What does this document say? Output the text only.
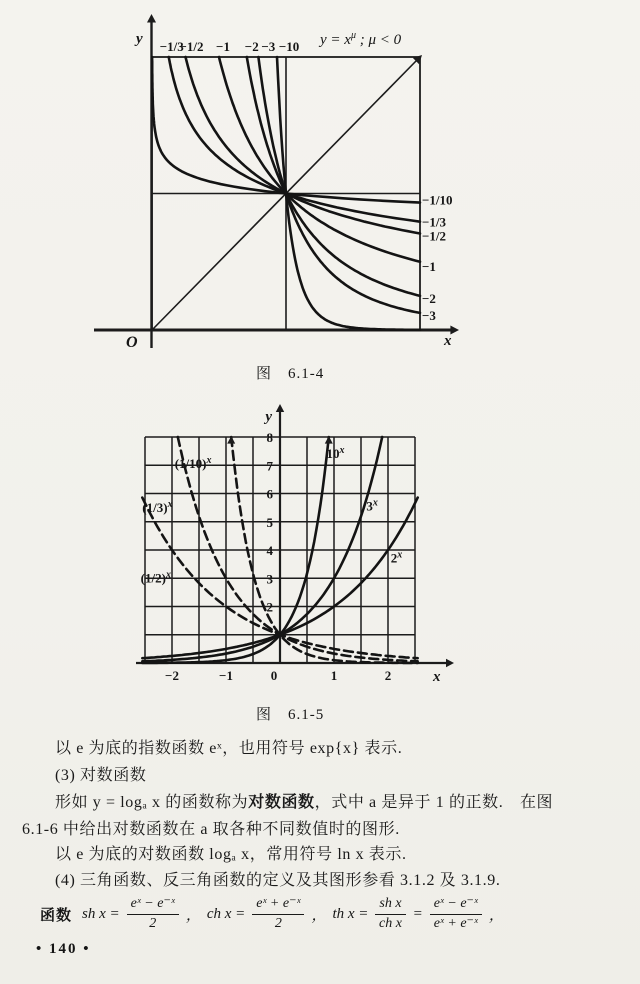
−1/3
−1/2 −1 −2 −3 −10
−1/10
−1/3
−1/2
−1
−2
−3
$y = x^\mu$ ; μ < 0
y
x
O
图　6.1-4
10$^x$
3$^x$
2$^x$
$(1/10)^x$
$(1/3)^x$
$(1/2)^x$
2
3
4
5
6
7
8
−2	−1	0	1	2
y
x
图　6.1-5

以 e 为底的指数函数 eˣ，也用符号 exp{x} 表示.

(3) 对数函数

形如 y = logₐ x 的函数称为对数函数，式中 a 是异于 1 的正数.　在图

6.1-6 中给出对数函数在 a 取各种不同数值时的图形.

以 e 为底的对数函数 logₐ x，常用符号 ln x 表示.

(4) 三角函数、反三角函数的定义及其图形参看 3.1.2 及 3.1.9.

函数 sh $x = \frac{\text{eˣ − e⁻ˣ}}{2}$ ， ch $x = \frac{\text{eˣ + e⁻ˣ}}{2}$ ， th $x = \frac{\text{sh x}}{\text{ch x}} = \frac{\text{eˣ − e⁻ˣ}}{\text{eˣ + e⁻ˣ}}$ ，
• 140 •
